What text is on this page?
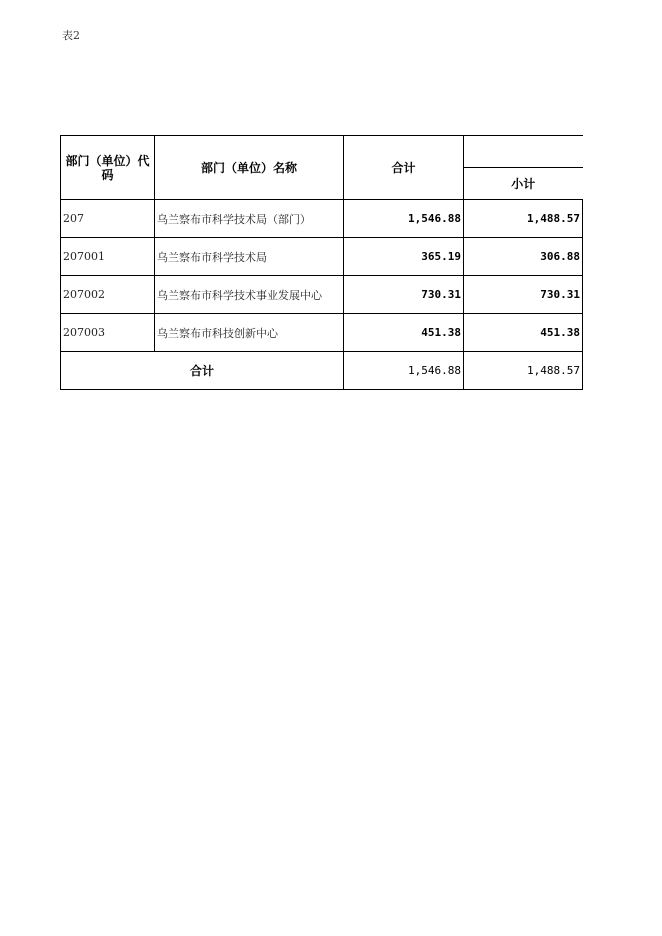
表2
部门（单位）代码	部门（单位）名称	合计	
			小计
207	乌兰察布市科学技术局（部门）	1,546.88	1,488.57
207001	乌兰察布市科学技术局	365.19	306.88
207002	乌兰察布市科学技术事业发展中心	730.31	730.31
207003	乌兰察布市科技创新中心	451.38	451.38
合计		1,546.88	1,488.57
